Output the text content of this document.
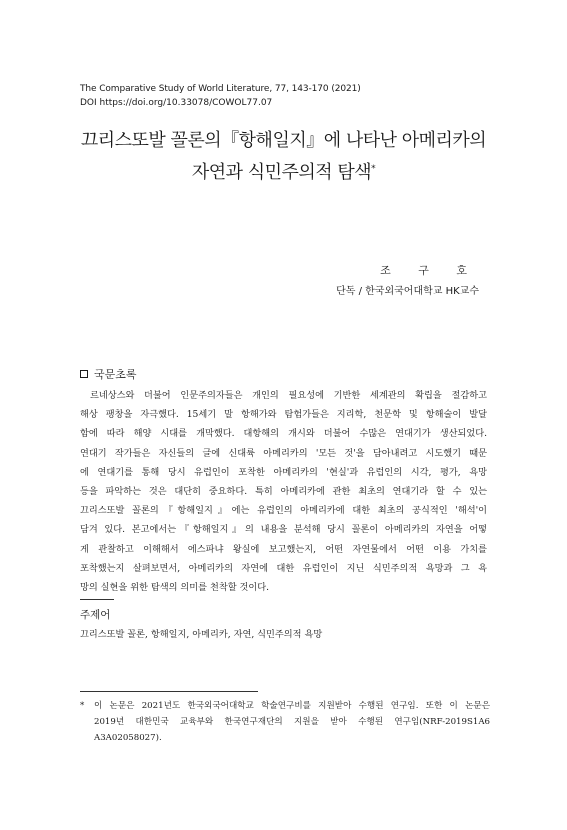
The Comparative Study of World Literature, 77, 143-170 (2021)
DOI https://doi.org/10.33078/COWOL77.07
끄리스또발 꼴론의『항해일지』에 나타난 아메리카의
자연과 식민주의적 탐색*
조 구 호
단독 / 한국외국어대학교 HK교수
국문초록
르네상스와 더불어 인문주의자들은 개인의 필요성에 기반한 세계관의 확립을 절감하고
해상 팽창을 자극했다. 15세기 말 항해가와 탐험가들은 지리학, 천문학 및 항해술이 발달
함에 따라 해양 시대를 개막했다. 대항해의 개시와 더불어 수많은 연대기가 생산되었다.
연대기 작가들은 자신들의 글에 신대륙 아메리카의 '모든 것'을 담아내려고 시도했기 때문
에 연대기를 통해 당시 유럽인이 포착한 아메리카의 '현실'과 유럽인의 시각, 평가, 욕망
등을 파악하는 것은 대단히 중요하다. 특히 아메리카에 관한 최초의 연대기라 할 수 있는
끄리스또발 꼴론의『항해일지』에는 유럽인의 아메리카에 대한 최초의 공식적인 '해석'이
담겨 있다. 본고에서는『항해일지』의 내용을 분석해 당시 꼴론이 아메리카의 자연을 어떻
게 관찰하고 이해해서 에스파냐 왕실에 보고했는지, 어떤 자연물에서 어떤 이용 가치를
포착했는지 살펴보면서, 아메리카의 자연에 대한 유럽인이 지닌 식민주의적 욕망과 그 욕
망의 실현을 위한 탐색의 의미를 천착할 것이다.
주제어
끄리스또발 꼴론, 항해일지, 아메리카, 자연, 식민주의적 욕망
* 이 논문은 2021년도 한국외국어대학교 학술연구비를 지원받아 수행된 연구임. 또한 이 논문은
2019년 대한민국 교육부와 한국연구재단의 지원을 받아 수행된 연구임(NRF-2019S1A6
A3A02058027).
